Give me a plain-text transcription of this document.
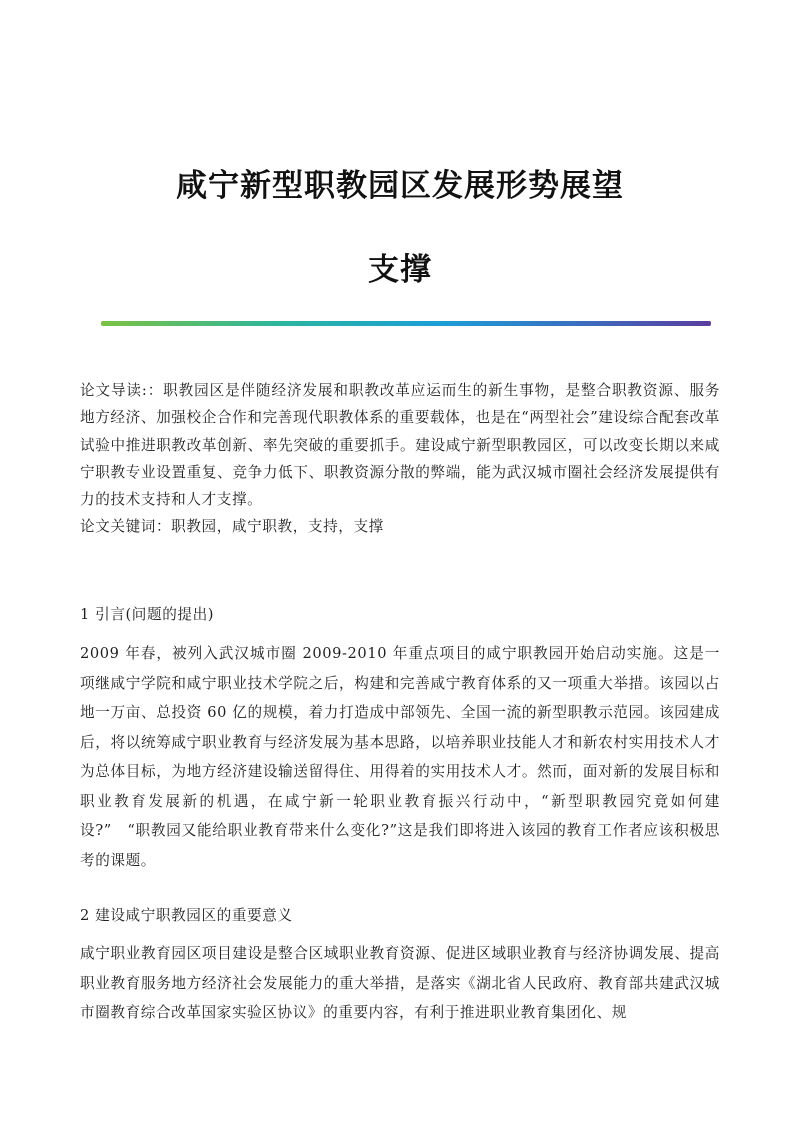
咸宁新型职教园区发展形势展望
支撑

论文导读:：职教园区是伴随经济发展和职教改革应运而生的新生事物，是整合职教资源、服务地方经济、加强校企合作和完善现代职教体系的重要载体，也是在“两型社会”建设综合配套改革试验中推进职教改革创新、率先突破的重要抓手。建设咸宁新型职教园区，可以改变长期以来咸宁职教专业设置重复、竞争力低下、职教资源分散的弊端，能为武汉城市圈社会经济发展提供有力的技术支持和人才支撑。

论文关键词：职教园，咸宁职教，支持，支撑

1 引言(问题的提出)

2009 年春，被列入武汉城市圈 2009-2010 年重点项目的咸宁职教园开始启动实施。这是一项继咸宁学院和咸宁职业技术学院之后，构建和完善咸宁教育体系的又一项重大举措。该园以占地一万亩、总投资 60 亿的规模，着力打造成中部领先、全国一流的新型职教示范园。该园建成后，将以统筹咸宁职业教育与经济发展为基本思路，以培养职业技能人才和新农村实用技术人才为总体目标，为地方经济建设输送留得住、用得着的实用技术人才。然而，面对新的发展目标和职业教育发展新的机遇，在咸宁新一轮职业教育振兴行动中，“新型职教园究竟如何建设?”　“职教园又能给职业教育带来什么变化?”这是我们即将进入该园的教育工作者应该积极思考的课题。

2 建设咸宁职教园区的重要意义

咸宁职业教育园区项目建设是整合区域职业教育资源、促进区域职业教育与经济协调发展、提高职业教育服务地方经济社会发展能力的重大举措，是落实《湖北省人民政府、教育部共建武汉城市圈教育综合改革国家实验区协议》的重要内容，有利于推进职业教育集团化、规
